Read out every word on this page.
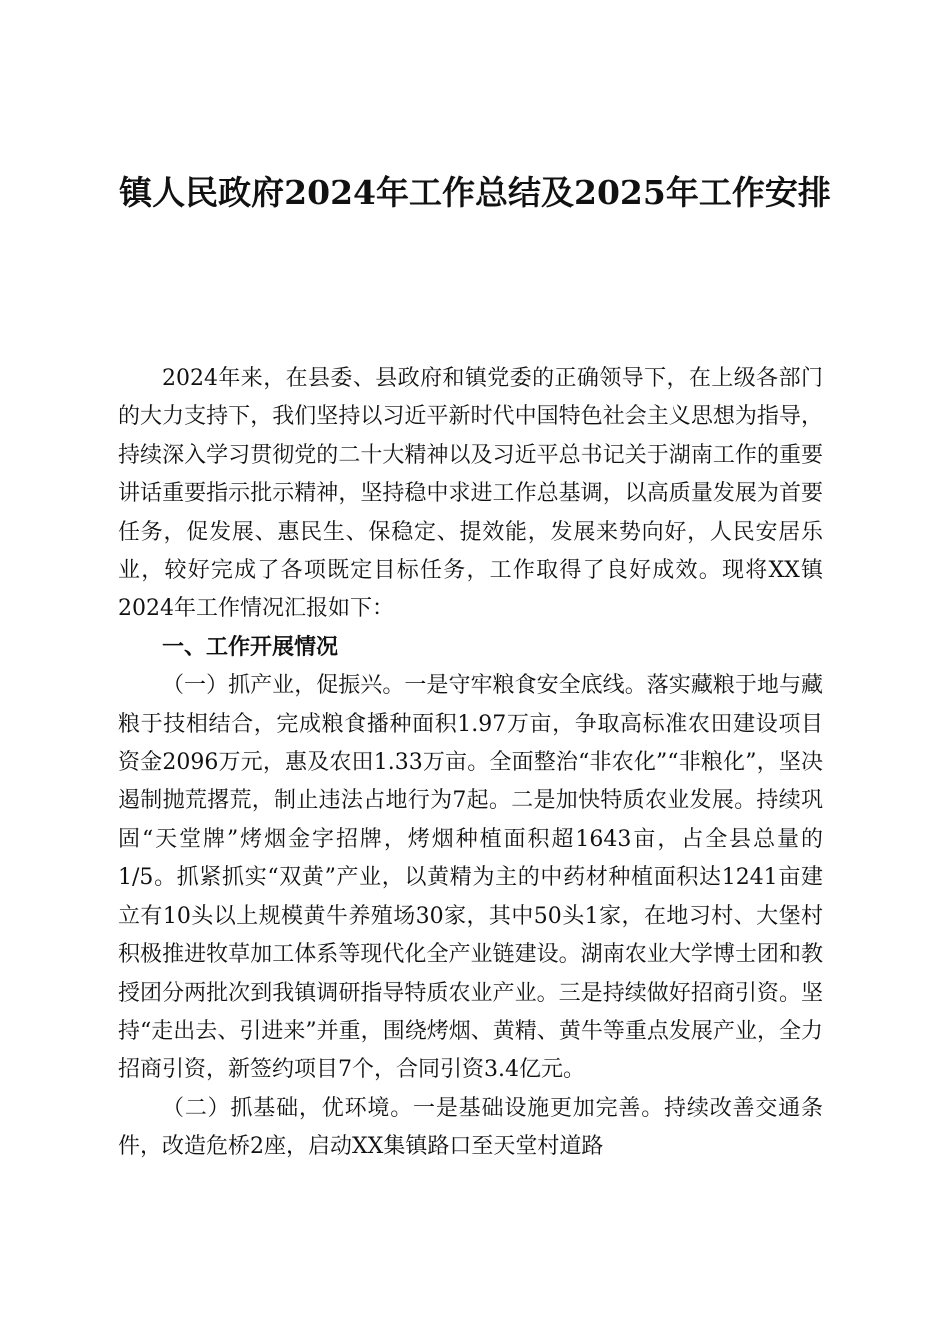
镇人民政府2024年工作总结及2025年工作安排

2024年来，在县委、县政府和镇党委的正确领导下，在上级各部门的大力支持下，我们坚持以习近平新时代中国特色社会主义思想为指导，持续深入学习贯彻党的二十大精神以及习近平总书记关于湖南工作的重要讲话重要指示批示精神，坚持稳中求进工作总基调，以高质量发展为首要任务，促发展、惠民生、保稳定、提效能，发展来势向好，人民安居乐业，较好完成了各项既定目标任务，工作取得了良好成效。现将XX镇2024年工作情况汇报如下：

一、工作开展情况

（一）抓产业，促振兴。一是守牢粮食安全底线。落实藏粮于地与藏粮于技相结合，完成粮食播种面积1.97万亩，争取高标准农田建设项目资金2096万元，惠及农田1.33万亩。全面整治“非农化”“非粮化”，坚决遏制抛荒撂荒，制止违法占地行为7起。二是加快特质农业发展。持续巩固“天堂牌”烤烟金字招牌，烤烟种植面积超1643亩，占全县总量的1/5。抓紧抓实“双黄”产业，以黄精为主的中药材种植面积达1241亩建立有10头以上规模黄牛养殖场30家，其中50头1家，在地习村、大堡村积极推进牧草加工体系等现代化全产业链建设。湖南农业大学博士团和教授团分两批次到我镇调研指导特质农业产业。三是持续做好招商引资。坚持“走出去、引进来”并重，围绕烤烟、黄精、黄牛等重点发展产业，全力招商引资，新签约项目7个，合同引资3.4亿元。

（二）抓基础，优环境。一是基础设施更加完善。持续改善交通条件，改造危桥2座，启动XX集镇路口至天堂村道路
